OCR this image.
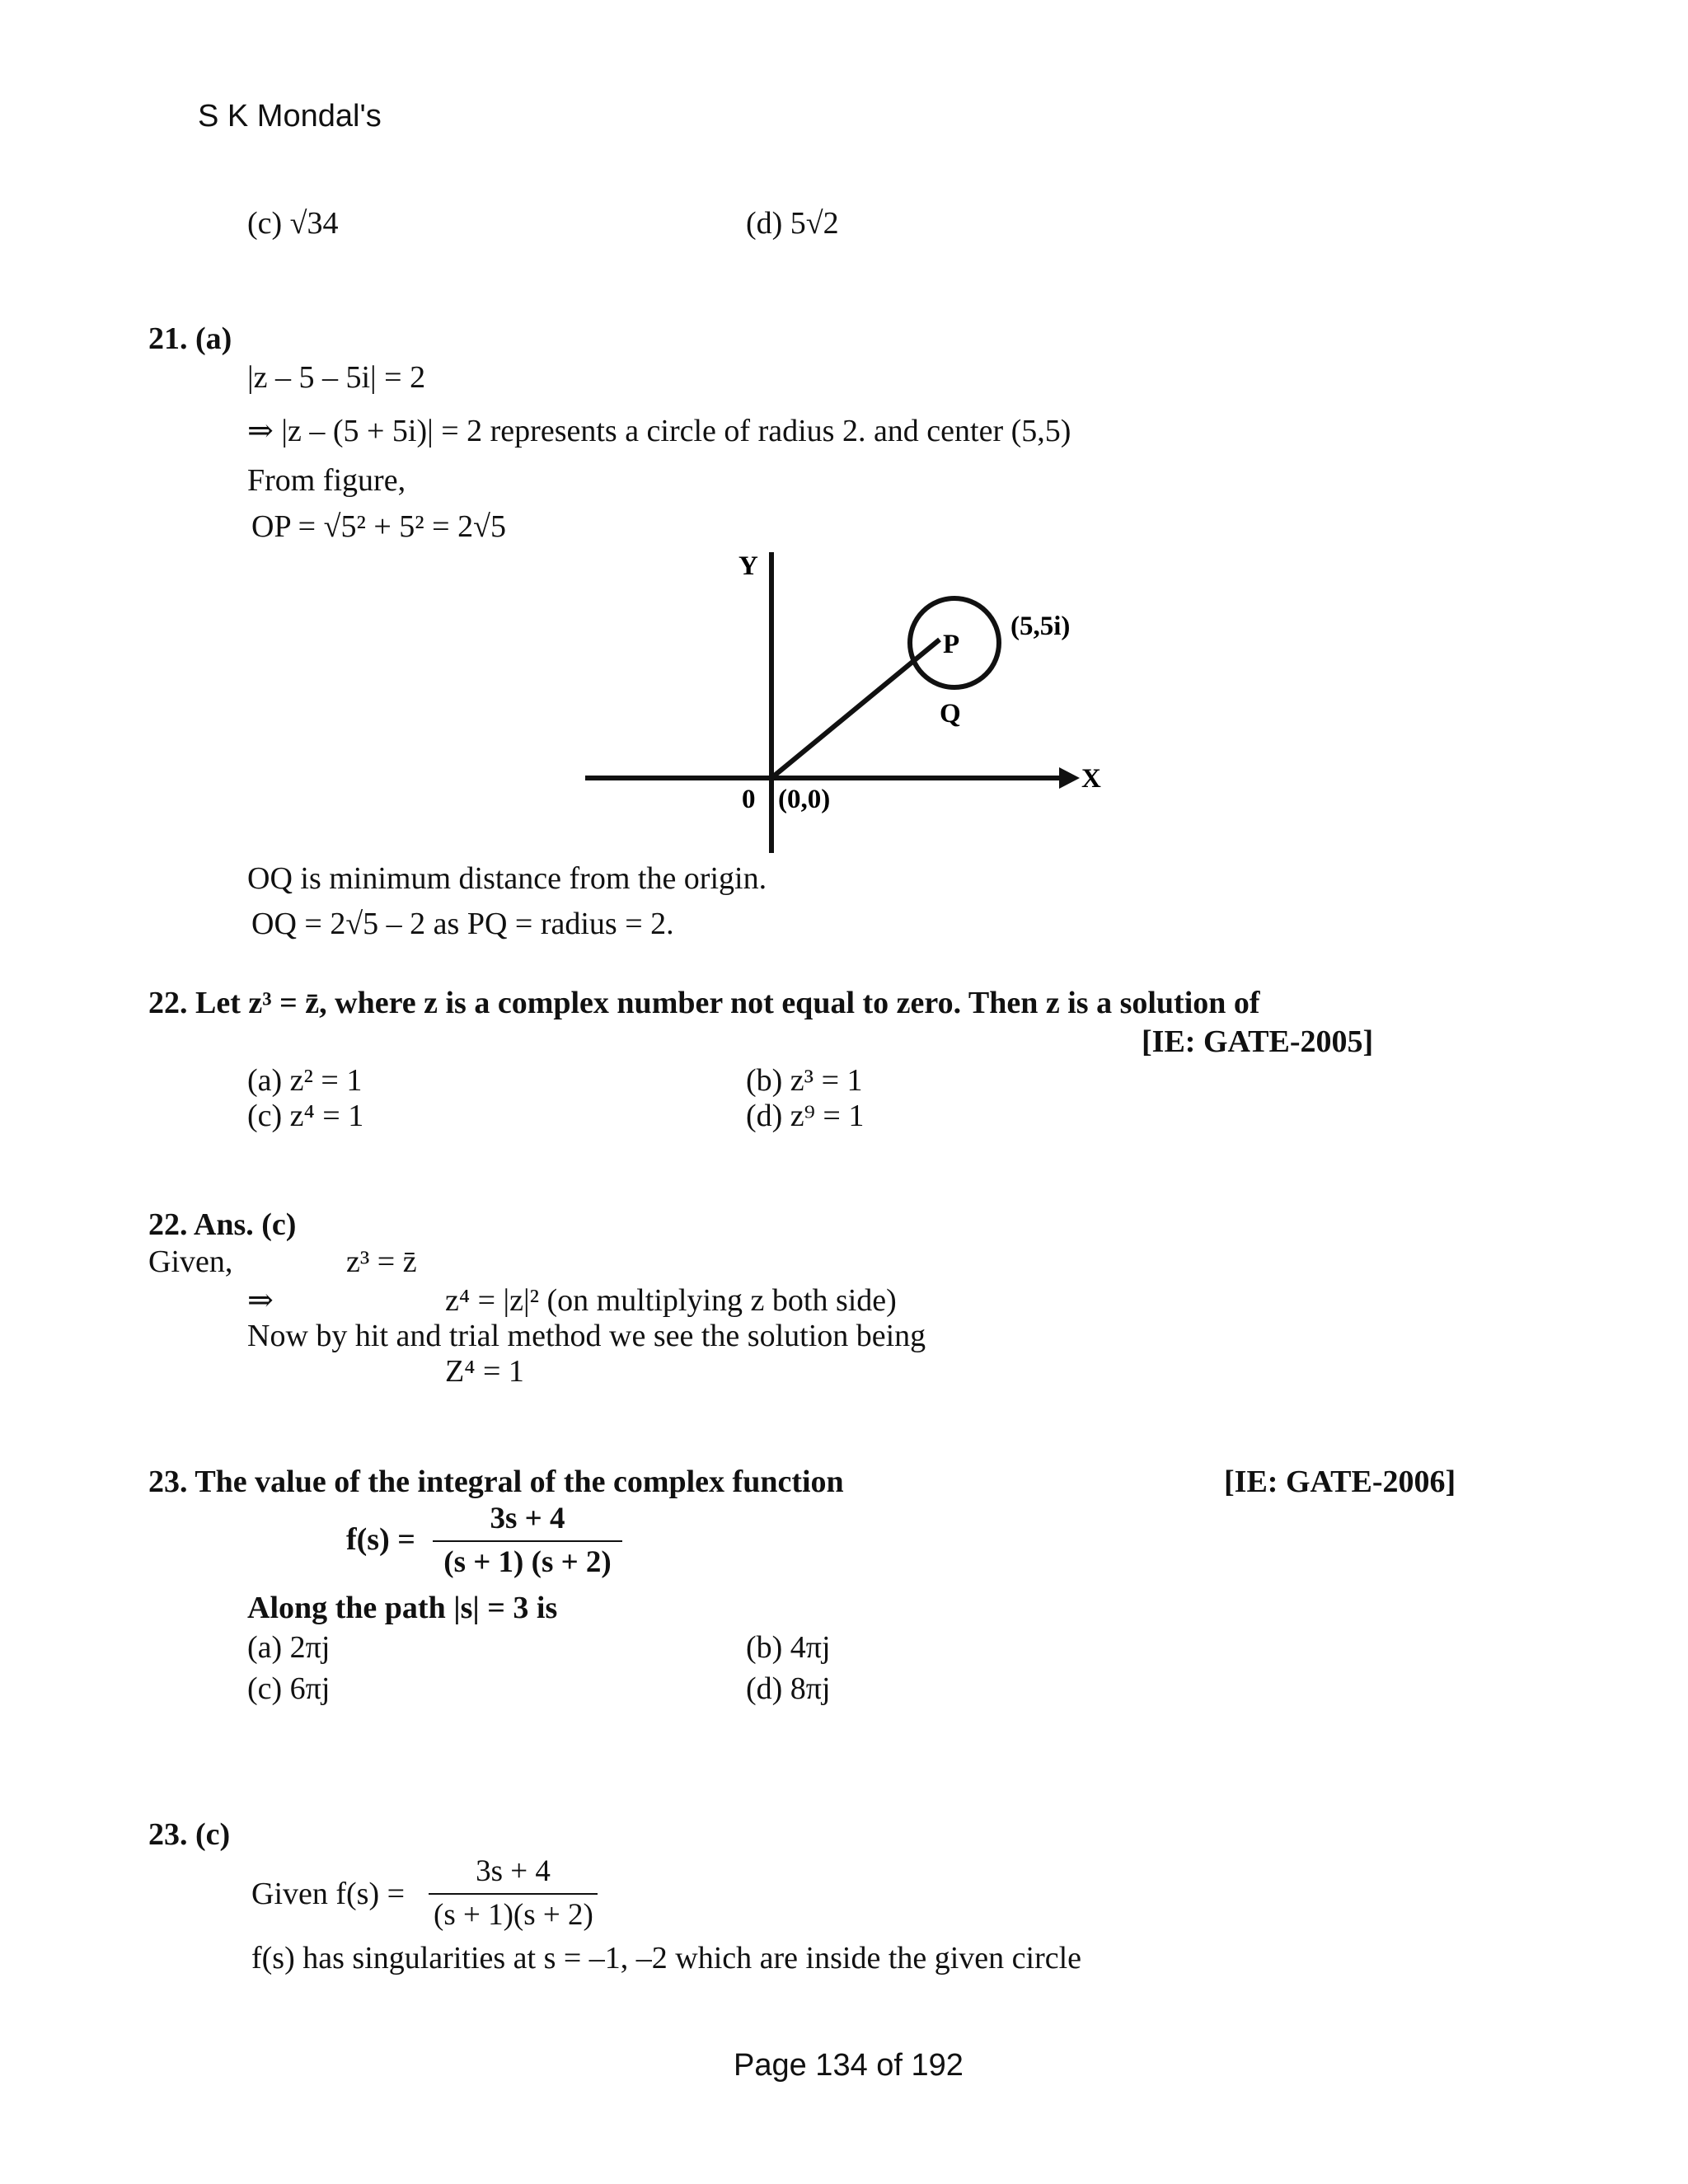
S K Mondal's
(c) √34	(d) 5√2
21. (a)
|z – 5 – 5i| = 2
⇒ |z – (5 + 5i)| = 2 represents a circle of radius 2. and center (5,5)
From figure,
OP = √5² + 5² = 2√5
Y
X
P
Q
(5,5i)
0 (0,0)
OQ is minimum distance from the origin.
OQ = 2√5 – 2 as PQ = radius = 2.
22. Let z³ = z̄, where z is a complex number not equal to zero. Then z is a solution of
[IE: GATE-2005]
(a) z² = 1	(b) z³ = 1
(c) z⁴ = 1	(d) z⁹ = 1
22. Ans. (c)
Given,	z³ = z̄
⇒	z⁴ = |z|² (on multiplying z both side)
Now by hit and trial method we see the solution being
Z⁴ = 1
23. The value of the integral of the complex function	[IE: GATE-2006]
$f(s) = \frac{3s + 4}{(s + 1) (s + 2)}$
Along the path |s| = 3 is
(a) 2πj	(b) 4πj
(c) 6πj	(d) 8πj
23. (c)
Given $f(s) = \frac{3s + 4}{(s + 1)(s + 2)}$
f(s) has singularities at s = –1, –2 which are inside the given circle
Page 134 of 192
